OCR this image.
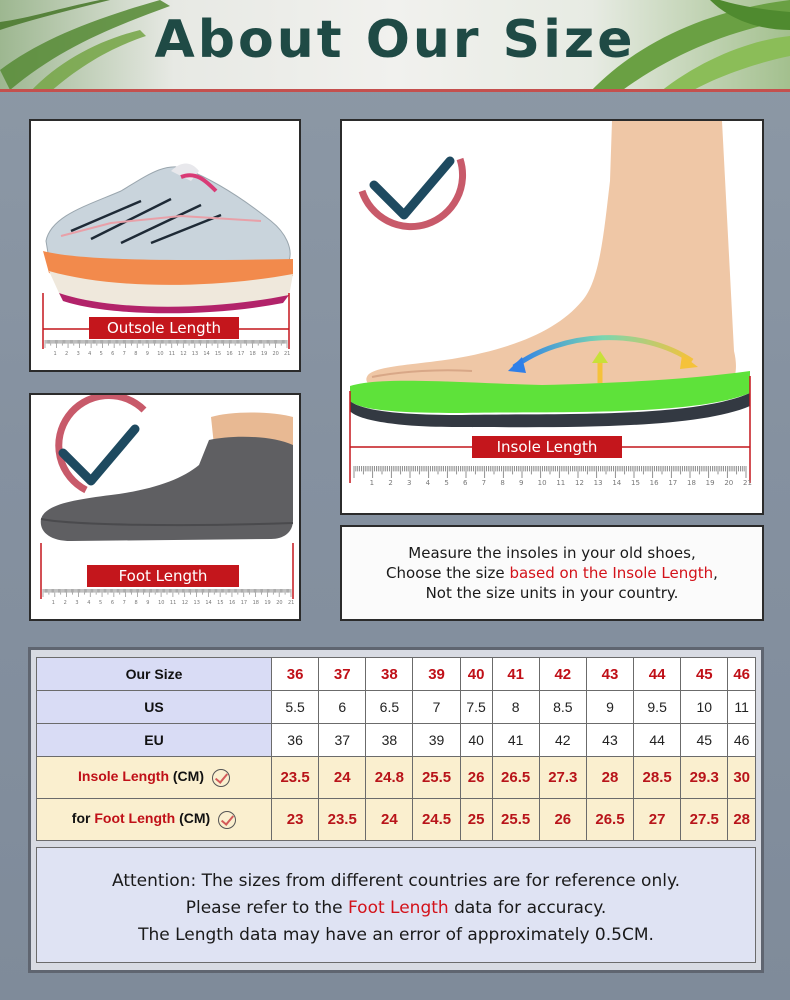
About Our Size
1 2 3 4 5 6 7 8 9 10 11 12 13 14 15 16 17 18 19 20 21
Outsole Length
1 2 3 4 5 6 7 8 9 10 11 12 13 14 15 16 17 18 19 20 21
Foot Length
1 2 3 4 5 6 7 8 9 10 11 12 13 14 15 16 17 18 19 20 21
Insole Length
Measure the insoles in your old shoes,
Choose the size based on the Insole Length,
Not the size units in your country.
Our Size	36	37	38	39	40	41	42	43	44	45	46
US	5.5	6	6.5	7	7.5	8	8.5	9	9.5	10	11
EU	36	37	38	39	40	41	42	43	44	45	46
Insole Length (CM)	23.5	24	24.8	25.5	26	26.5	27.3	28	28.5	29.3	30
for Foot Length (CM)	23	23.5	24	24.5	25	25.5	26	26.5	27	27.5	28
Attention: The sizes from different countries are for reference only.
Please refer to the Foot Length data for accuracy.
The Length data may have an error of approximately 0.5CM.
